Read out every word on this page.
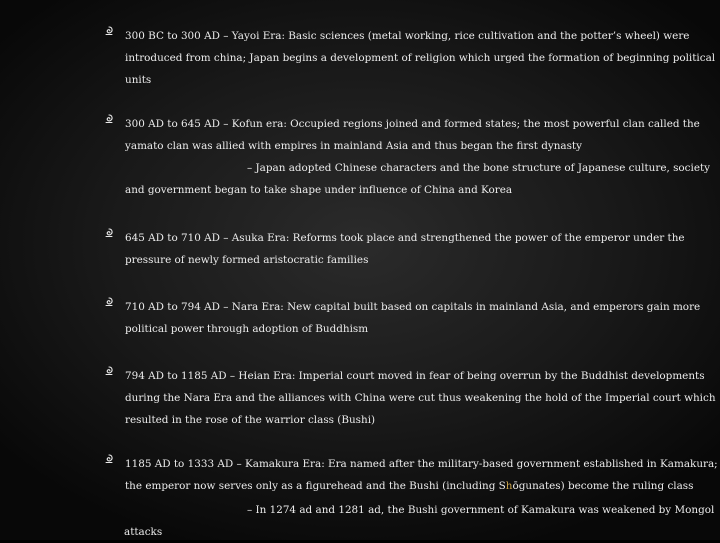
300 BC to 300 AD – Yayoi Era: Basic sciences (metal working, rice cultivation and the potter’s wheel) were
introduced from china; Japan begins a development of religion which urged the formation of beginning political
units
300 AD to 645 AD – Kofun era: Occupied regions joined and formed states; the most powerful clan called the
yamato clan was allied with empires in mainland Asia and thus began the first dynasty
– Japan adopted Chinese characters and the bone structure of Japanese culture, society
and government began to take shape under influence of China and Korea
645 AD to 710 AD – Asuka Era: Reforms took place and strengthened the power of the emperor under the
pressure of newly formed aristocratic families
710 AD to 794 AD – Nara Era: New capital built based on capitals in mainland Asia, and emperors gain more
political power through adoption of Buddhism
794 AD to 1185 AD – Heian Era: Imperial court moved in fear of being overrun by the Buddhist developments
during the Nara Era and the alliances with China were cut thus weakening the hold of the Imperial court which
resulted in the rose of the warrior class (Bushi)
1185 AD to 1333 AD – Kamakura Era: Era named after the military-based government established in Kamakura;
the emperor now serves only as a figurehead and the Bushi (including Shōgunates) become the ruling class
– In 1274 ad and 1281 ad, the Bushi government of Kamakura was weakened by Mongol
attacks
